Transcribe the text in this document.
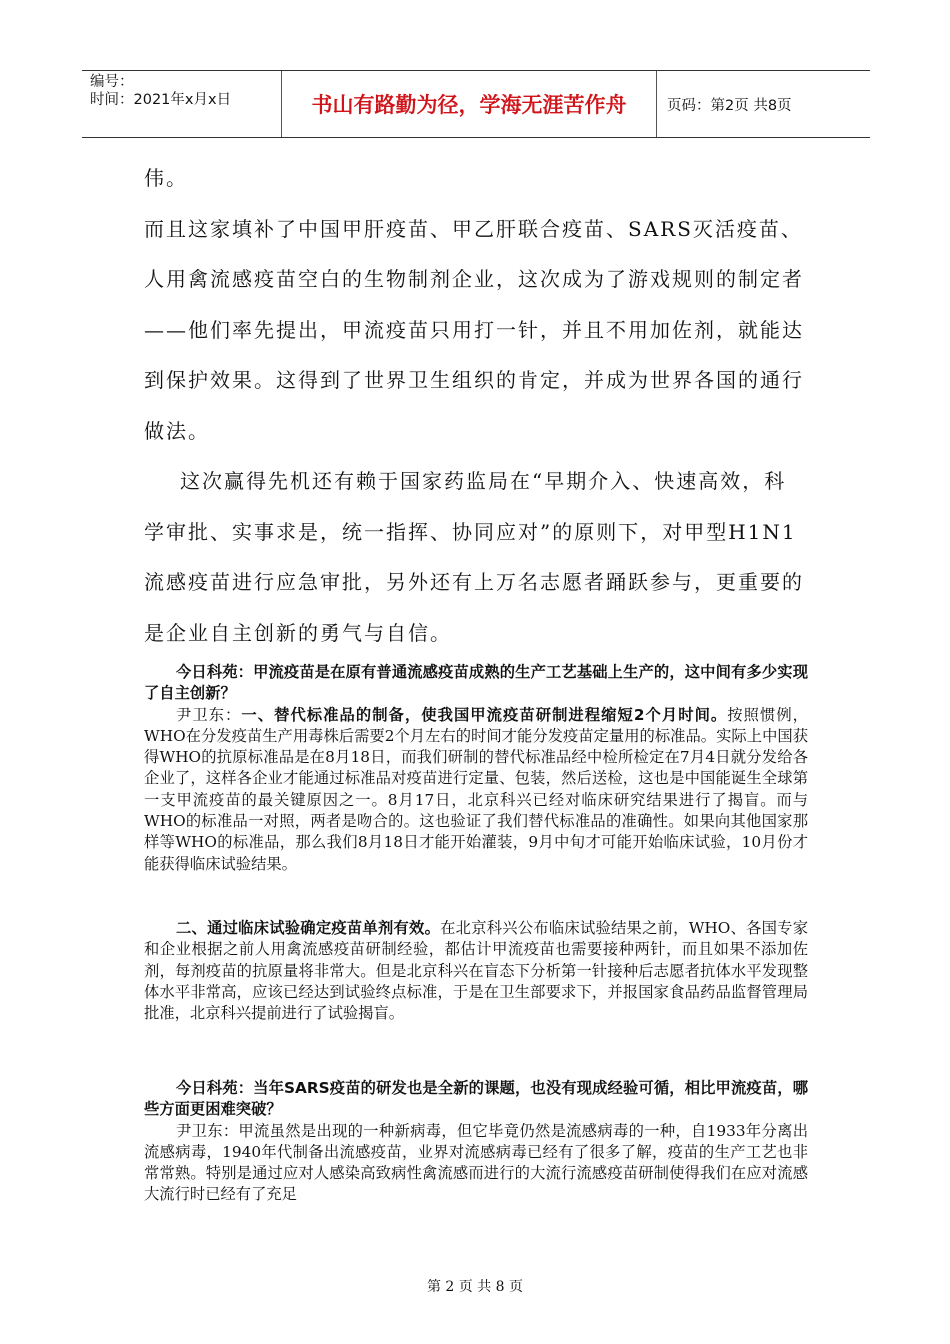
编号：
时间：2021年x月x日	书山有路勤为径，学海无涯苦作舟	页码：第2页 共8页

伟。

而且这家填补了中国甲肝疫苗、甲乙肝联合疫苗、SARS灭活疫苗、人用禽流感疫苗空白的生物制剂企业，这次成为了游戏规则的制定者——他们率先提出，甲流疫苗只用打一针，并且不用加佐剂，就能达到保护效果。这得到了世界卫生组织的肯定，并成为世界各国的通行做法。

这次赢得先机还有赖于国家药监局在“早期介入、快速高效，科学审批、实事求是，统一指挥、协同应对”的原则下，对甲型H1N1流感疫苗进行应急审批，另外还有上万名志愿者踊跃参与，更重要的是企业自主创新的勇气与自信。

今日科苑：甲流疫苗是在原有普通流感疫苗成熟的生产工艺基础上生产的，这中间有多少实现了自主创新？

尹卫东：一、替代标准品的制备，使我国甲流疫苗研制进程缩短2个月时间。按照惯例，WHO在分发疫苗生产用毒株后需要2个月左右的时间才能分发疫苗定量用的标准品。实际上中国获得WHO的抗原标准品是在8月18日，而我们研制的替代标准品经中检所检定在7月4日就分发给各企业了，这样各企业才能通过标准品对疫苗进行定量、包装，然后送检，这也是中国能诞生全球第一支甲流疫苗的最关键原因之一。8月17日，北京科兴已经对临床研究结果进行了揭盲。而与WHO的标准品一对照，两者是吻合的。这也验证了我们替代标准品的准确性。如果向其他国家那样等WHO的标准品，那么我们8月18日才能开始灌装，9月中旬才可能开始临床试验，10月份才能获得临床试验结果。

二、通过临床试验确定疫苗单剂有效。在北京科兴公布临床试验结果之前，WHO、各国专家和企业根据之前人用禽流感疫苗研制经验，都估计甲流疫苗也需要接种两针，而且如果不添加佐剂，每剂疫苗的抗原量将非常大。但是北京科兴在盲态下分析第一针接种后志愿者抗体水平发现整体水平非常高，应该已经达到试验终点标准，于是在卫生部要求下，并报国家食品药品监督管理局批准，北京科兴提前进行了试验揭盲。

今日科苑：当年SARS疫苗的研发也是全新的课题，也没有现成经验可循，相比甲流疫苗，哪些方面更困难突破？

尹卫东：甲流虽然是出现的一种新病毒，但它毕竟仍然是流感病毒的一种，自1933年分离出流感病毒，1940年代制备出流感疫苗，业界对流感病毒已经有了很多了解，疫苗的生产工艺也非常常熟。特别是通过应对人感染高致病性禽流感而进行的大流行流感疫苗研制使得我们在应对流感大流行时已经有了充足

第 2 页 共 8 页
